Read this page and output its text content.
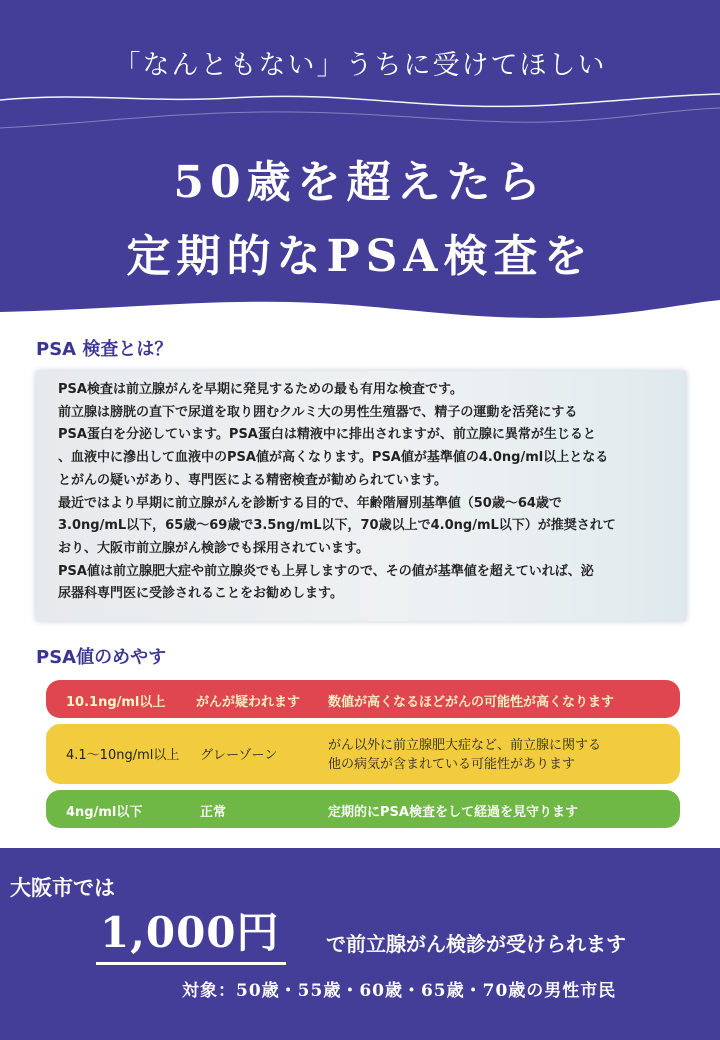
「なんともない」うちに受けてほしい
50歳を超えたら
定期的なPSA検査を
PSA 検査とは？

PSA検査は前立腺がんを早期に発見するための最も有用な検査です。

前立腺は膀胱の直下で尿道を取り囲むクルミ大の男性生殖器で、精子の運動を活発にする

PSA蛋白を分泌しています。PSA蛋白は精液中に排出されますが、前立腺に異常が生じると

、血液中に滲出して血液中のPSA値が高くなります。PSA値が基準値の4.0ng/ml以上となる

とがんの疑いがあり、専門医による精密検査が勧められています。

最近ではより早期に前立腺がんを診断する目的で、年齢階層別基準値（50歳～64歳で

3.0ng/mL以下，65歳～69歳で3.5ng/mL以下，70歳以上で4.0ng/mL以下）が推奨されて

おり、大阪市前立腺がん検診でも採用されています。

PSA値は前立腺肥大症や前立腺炎でも上昇しますので、その値が基準値を超えていれば、泌

尿器科専門医に受診されることをお勧めします。

PSA値のめやす
10.1ng/ml以上 がんが疑われます 数値が高くなるほどがんの可能性が高くなります
4.1～10ng/ml以上 グレーゾーン
がん以外に前立腺肥大症など、前立腺に関する
他の病気が含まれている可能性があります
4ng/ml以下	正常	定期的にPSA検査をして経過を見守ります
大阪市では
1,000円	で前立腺がん検診が受けられます
対象：50歳・55歳・60歳・65歳・70歳の男性市民
